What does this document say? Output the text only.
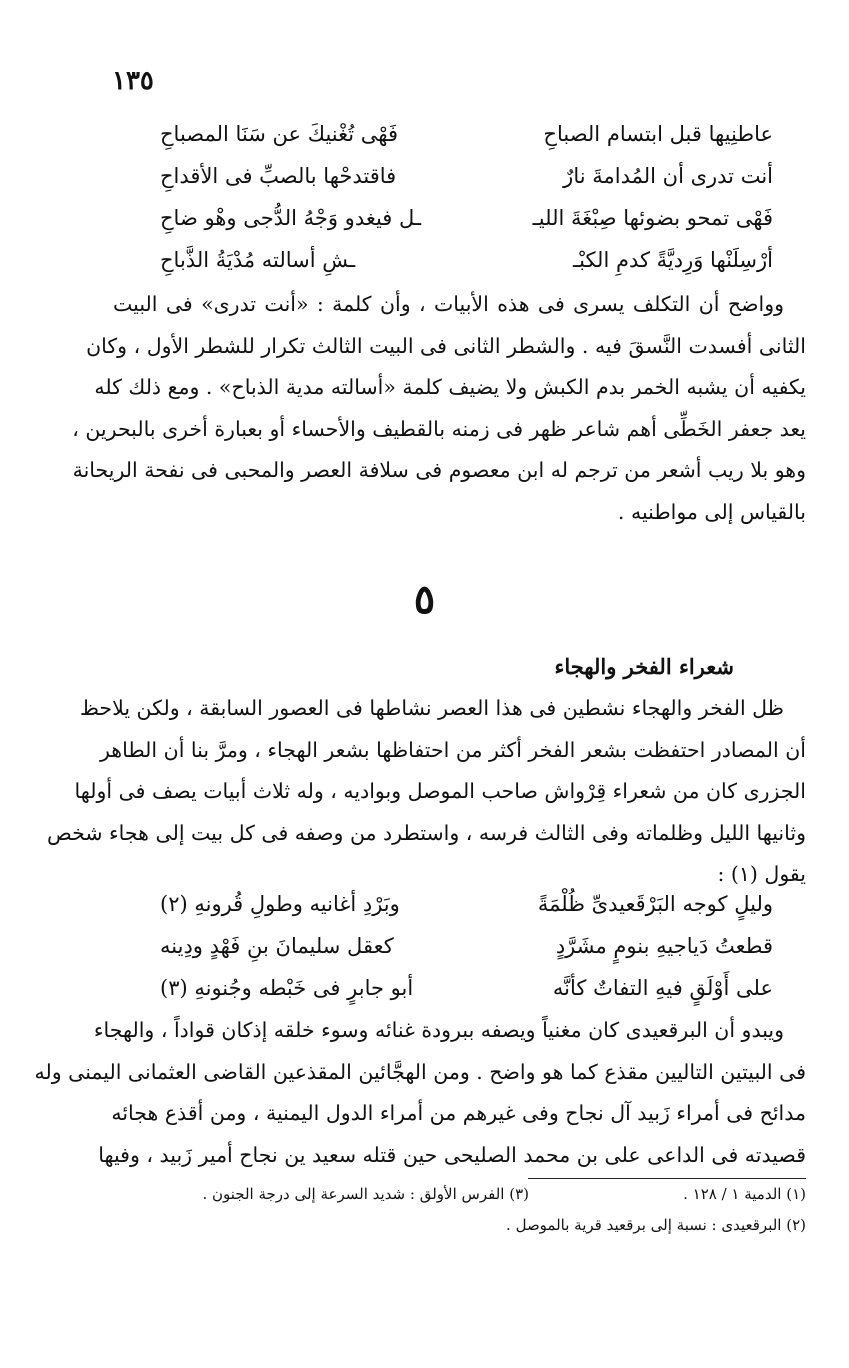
١٣٥
عاطنِيها قبل ابتسام الصباحِ
فَهْى تُغْنيكَ عن سَنَا المصباحِ
أنت تدرى أن المُدامةَ نارٌ
فاقتدحْها بالصبِّ فى الأقداحِ
فَهْى تمحو بضوئها صِبْغَةَ الليـ
ـل فيغدو وَجْهُ الدُّجى وهْو ضاحِ
أرْسِلَنْها وَرِديَّةً كدمِ الكبْـ
ـشِ أسالته مُدْيَةُ الذَّباحِ
وواضح أن التكلف يسرى فى هذه الأبيات ، وأن كلمة : «أنت تدرى» فى البيت
الثانى أفسدت النَّسقَ فيه . والشطر الثانى فى البيت الثالث تكرار للشطر الأول ، وكان
يكفيه أن يشبه الخمر بدم الكبش ولا يضيف كلمة «أسالته مدية الذباح» . ومع ذلك كله
يعد جعفر الخَطِّى أهم شاعر ظهر فى زمنه بالقطيف والأحساء أو بعبارة أخرى بالبحرين ،
وهو بلا ريب أشعر من ترجم له ابن معصوم فى سلافة العصر والمحبى فى نفحة الريحانة
بالقياس إلى مواطنيه .
٥
شعراء الفخر والهجاء
ظل الفخر والهجاء نشطين فى هذا العصر نشاطها فى العصور السابقة ، ولكن يلاحظ
أن المصادر احتفظت بشعر الفخر أكثر من احتفاظها بشعر الهجاء ، ومرَّ بنا أن الطاهر
الجزرى كان من شعراء قِرْواش صاحب الموصل وبواديه ، وله ثلاث أبيات يصف فى أولها
وثانيها الليل وظلماته وفى الثالث فرسه ، واستطرد من وصفه فى كل بيت إلى هجاء شخص
يقول (١) :
وليلٍ كوجه البَرْقَعيدىِّ ظُلْمَةً
وبَرْدِ أغانيه وطولِ قُرونهِ (٢)
قطعتُ دَياجيهِ بنومٍ مشَرَّدٍ
كعقل سليمانَ بنِ فَهْدٍ ودِينه
على أَوْلَقٍ فيهِ التفاتٌ كأنَّه
أبو جابرٍ فى خَبْطه وجُنونهِ (٣)
ويبدو أن البرقعيدى كان مغنياً ويصفه ببرودة غنائه وسوء خلقه إذكان قواداً ، والهجاء
فى البيتين التاليين مقذع كما هو واضح . ومن الهجَّائين المقذعين القاضى العثمانى اليمنى وله
مدائح فى أمراء زَبيد آل نجاح وفى غيرهم من أمراء الدول اليمنية ، ومن أقذع هجائه
قصيدته فى الداعى على بن محمد الصليحى حين قتله سعيد ين نجاح أمير زَبيد ، وفيها
(١) الدمية ١ / ١٢٨ .
(٣) الفرس الأولق : شديد السرعة إلى درجة الجنون .
(٢) البرقعيدى : نسبة إلى برقعيد قرية بالموصل .
